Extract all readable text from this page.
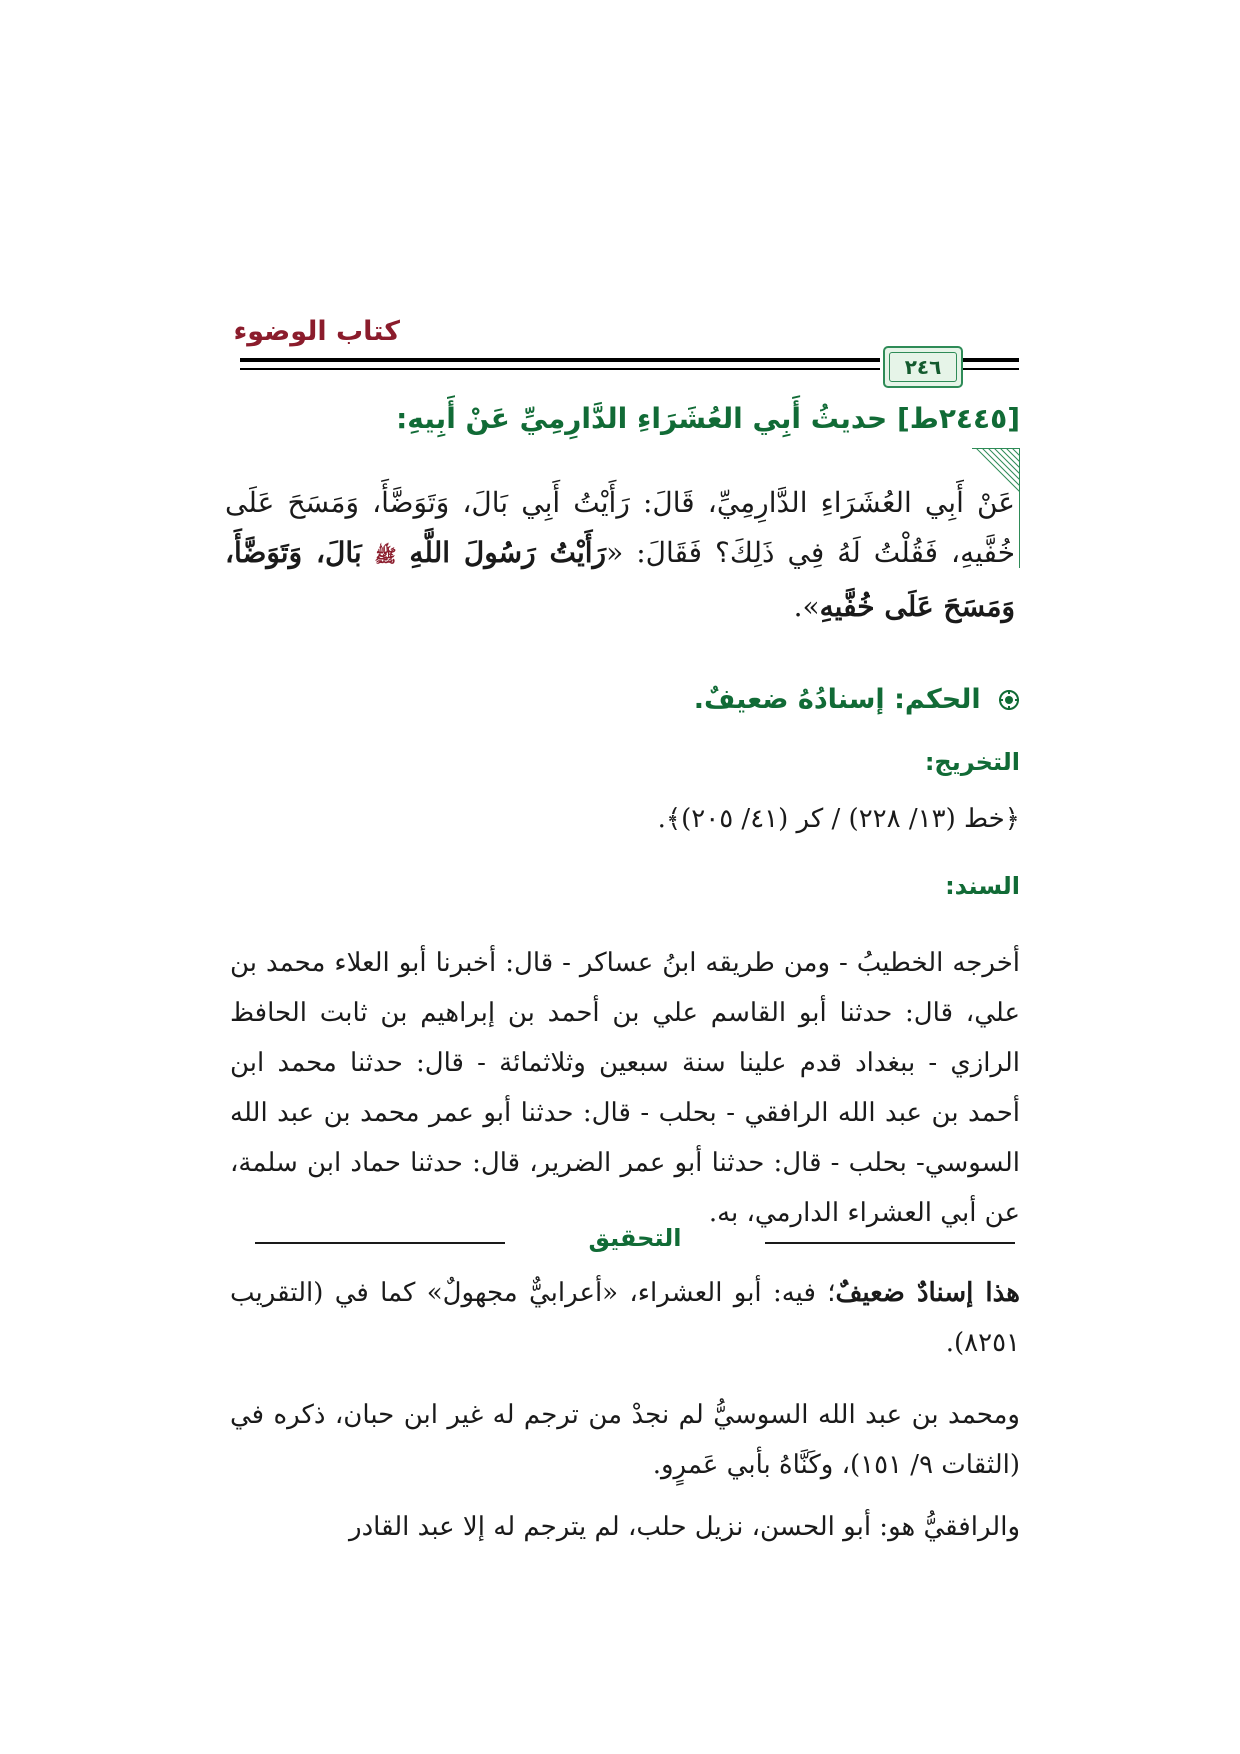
كتاب الوضوء
٢٤٦
[٢٤٤٥ط] حديثُ أَبِي العُشَرَاءِ الدَّارِمِيِّ عَنْ أَبِيهِ:
عَنْ أَبِي العُشَرَاءِ الدَّارِمِيِّ، قَالَ: رَأَيْتُ أَبِي بَالَ، وَتَوَضَّأَ، وَمَسَحَ عَلَى خُفَّيهِ، فَقُلْتُ لَهُ فِي ذَلِكَ؟ فَقَالَ: «رَأَيْتُ رَسُولَ اللَّهِ ﷺ بَالَ، وَتَوَضَّأَ، وَمَسَحَ عَلَى خُفَّيهِ».
الحكم: إسنادُهُ ضعيفٌ.
التخريج:
﴿خط (١٣/ ٢٢٨) / كر (٤١/ ٢٠٥)﴾.
السند:
أخرجه الخطيبُ - ومن طريقه ابنُ عساكر - قال: أخبرنا أبو العلاء محمد بن علي، قال: حدثنا أبو القاسم علي بن أحمد بن إبراهيم بن ثابت الحافظ الرازي - ببغداد قدم علينا سنة سبعين وثلاثمائة - قال: حدثنا محمد ابن أحمد بن عبد الله الرافقي - بحلب - قال: حدثنا أبو عمر محمد بن عبد الله السوسي- بحلب - قال: حدثنا أبو عمر الضرير، قال: حدثنا حماد ابن سلمة، عن أبي العشراء الدارمي، به.
التحقيق
هذا إسنادٌ ضعيفٌ؛ فيه: أبو العشراء، «أعرابيٌّ مجهولٌ» كما في (التقريب ٨٢٥١).
ومحمد بن عبد الله السوسيُّ لم نجدْ من ترجم له غير ابن حبان، ذكره في (الثقات ٩/ ١٥١)، وكَنَّاهُ بأبي عَمرٍو.
والرافقيُّ هو: أبو الحسن، نزيل حلب، لم يترجم له إلا عبد القادر
